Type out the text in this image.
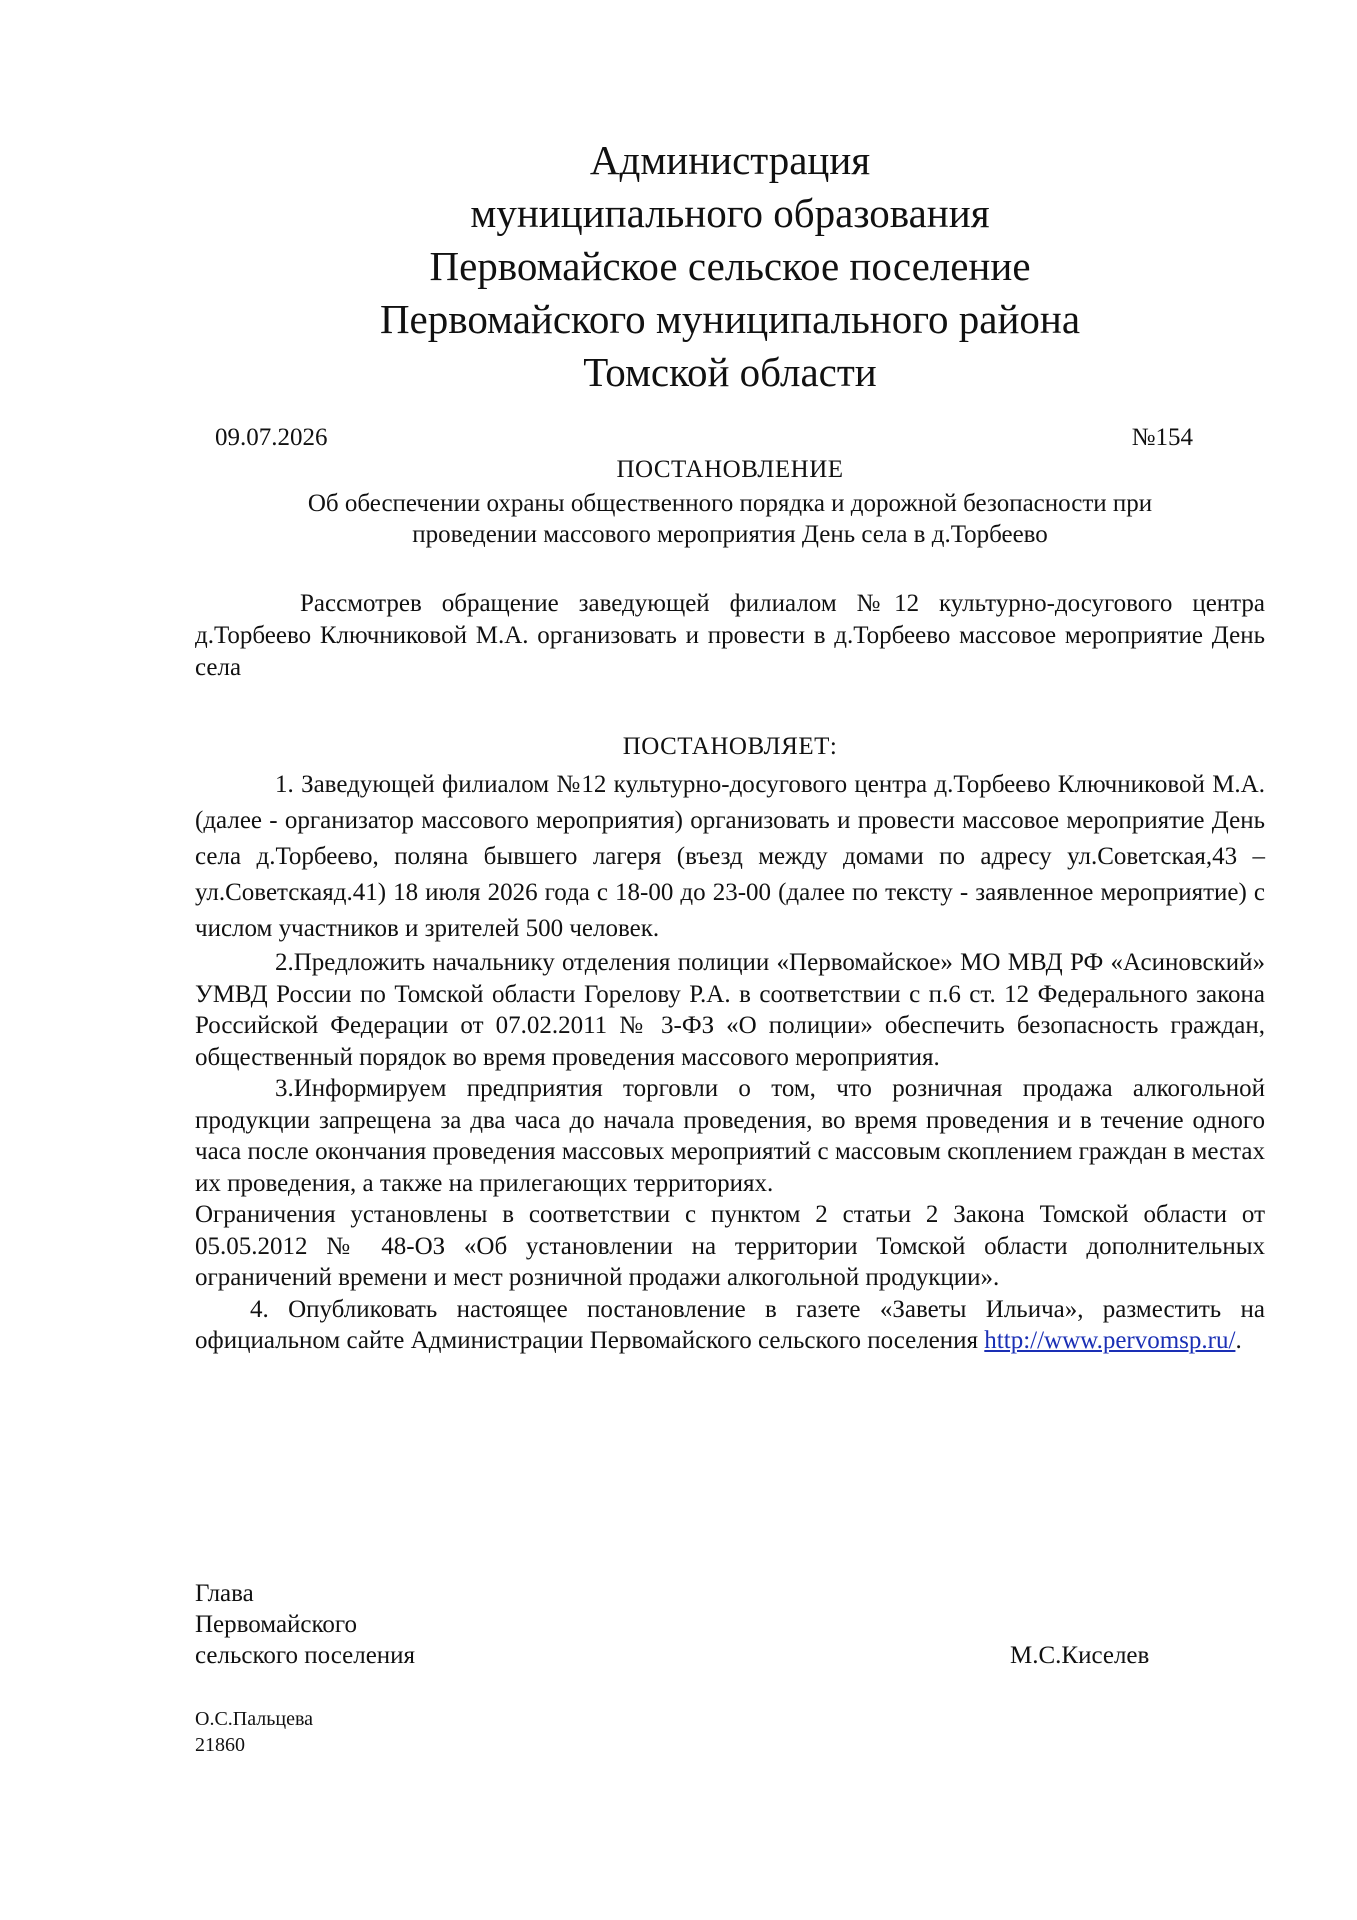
Администрация
муниципального образования
Первомайское сельское поселение
Первомайского муниципального района
Томской области
09.07.2026	№154
ПОСТАНОВЛЕНИЕ
Об обеспечении охраны общественного порядка и дорожной безопасности при
проведении массового мероприятия День села в д.Торбеево

Рассмотрев обращение заведующей филиалом №12 культурно-досугового центра д.Торбеево Ключниковой М.А. организовать и провести в д.Торбеево массовое мероприятие День села

ПОСТАНОВЛЯЕТ:

1. Заведующей филиалом №12 культурно-досугового центра д.Торбеево Ключниковой М.А. (далее - организатор массового мероприятия) организовать и провести массовое мероприятие День села д.Торбеево, поляна бывшего лагеря (въезд между домами по адресу ул.Советская,43 – ул.Советскаяд.41) 18 июля 2026 года с 18-00 до 23-00 (далее по тексту - заявленное мероприятие) с числом участников и зрителей 500 человек.

2.Предложить начальнику отделения полиции «Первомайское» МО МВД РФ «Асиновский» УМВД России по Томской области Горелову Р.А. в соответствии с п.6 ст. 12 Федерального закона Российской Федерации от 07.02.2011 № 3-ФЗ «О полиции» обеспечить безопасность граждан, общественный порядок во время проведения массового мероприятия.

3.Информируем предприятия торговли о том, что розничная продажа алкогольной продукции запрещена за два часа до начала проведения, во время проведения и в течение одного часа после окончания проведения массовых мероприятий с массовым скоплением граждан в местах их проведения, а также на прилегающих территориях.

Ограничения установлены в соответствии с пунктом 2 статьи 2 Закона Томской области от 05.05.2012 № 48-ОЗ «Об установлении на территории Томской области дополнительных ограничений времени и мест розничной продажи алкогольной продукции».

4. Опубликовать настоящее постановление в газете «Заветы Ильича», разместить на официальном сайте Администрации Первомайского сельского поселения http://www.pervomsp.ru/.

Глава
Первомайского
сельского поселения	М.С.Киселев
О.С.Пальцева
21860
